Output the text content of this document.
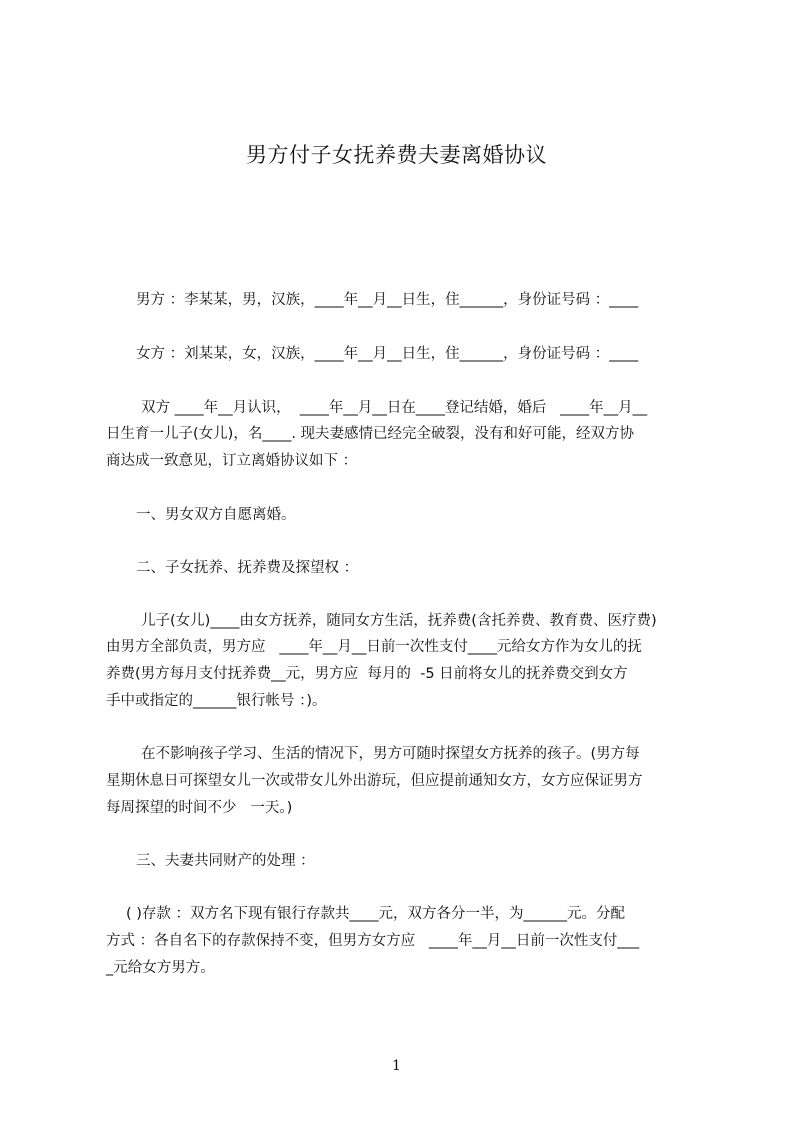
男方付子女抚养费夫妻离婚协议
男方 ：李某某，男，汉族，____年__月__日生，住______，身份证号码 ：____
女方 ：刘某某，女，汉族，____年__月__日生，住______，身份证号码 ：____
双方 ____年__月认识，  ____年__月__日在____登记结婚，婚后   ____年__月__
日生育一儿子(女儿)，名____. 现夫妻感情已经完全破裂，没有和好可能，经双方协
商达成一致意见，订立离婚协议如下 ：
一、男女双方自愿离婚。
二、子女抚养、抚养费及探望权 ：
儿子(女儿)____由女方抚养，随同女方生活，抚养费(含托养费、教育费、医疗费)
由男方全部负责，男方应   ____年__月__日前一次性支付____元给女方作为女儿的抚
养费(男方每月支付抚养费__元，男方应  每月的  -5 日前将女儿的抚养费交到女方
手中或指定的______银行帐号 ：)。
在不影响孩子学习、生活的情况下，男方可随时探望女方抚养的孩子。(男方每
星期休息日可探望女儿一次或带女儿外出游玩，但应提前通知女方，女方应保证男方
每周探望的时间不少   一天。)
三、夫妻共同财产的处理 ：
( )存款 ：双方名下现有银行存款共____元，双方各分一半，为______元。分配
方式 ：各自名下的存款保持不变，但男方女方应   ____年__月__日前一次性支付___
_元给女方男方。
1
